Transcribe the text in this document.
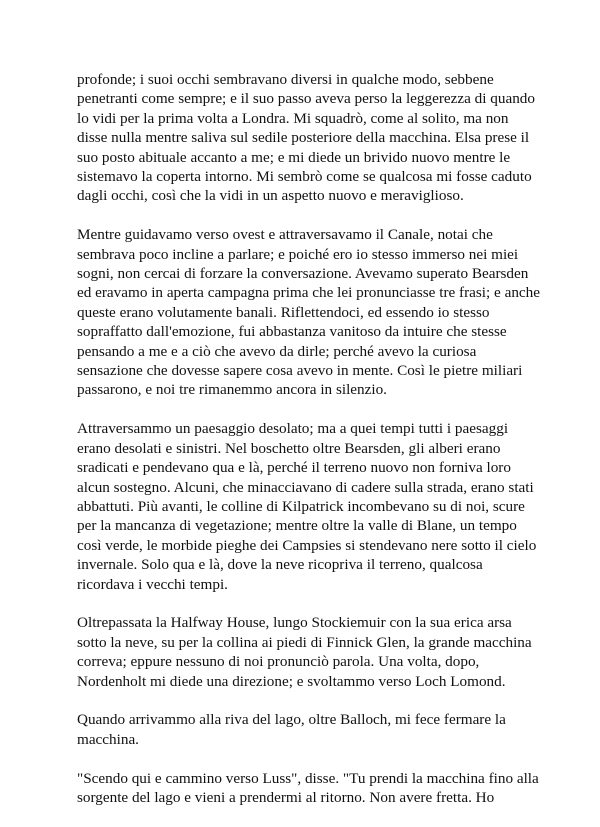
profonde; i suoi occhi sembravano diversi in qualche modo, sebbene
penetranti come sempre; e il suo passo aveva perso la leggerezza di quando
lo vidi per la prima volta a Londra. Mi squadrò, come al solito, ma non
disse nulla mentre saliva sul sedile posteriore della macchina. Elsa prese il
suo posto abituale accanto a me; e mi diede un brivido nuovo mentre le
sistemavo la coperta intorno. Mi sembrò come se qualcosa mi fosse caduto
dagli occhi, così che la vidi in un aspetto nuovo e meraviglioso.

Mentre guidavamo verso ovest e attraversavamo il Canale, notai che
sembrava poco incline a parlare; e poiché ero io stesso immerso nei miei
sogni, non cercai di forzare la conversazione. Avevamo superato Bearsden
ed eravamo in aperta campagna prima che lei pronunciasse tre frasi; e anche
queste erano volutamente banali. Riflettendoci, ed essendo io stesso
sopraffatto dall'emozione, fui abbastanza vanitoso da intuire che stesse
pensando a me e a ciò che avevo da dirle; perché avevo la curiosa
sensazione che dovesse sapere cosa avevo in mente. Così le pietre miliari
passarono, e noi tre rimanemmo ancora in silenzio.

Attraversammo un paesaggio desolato; ma a quei tempi tutti i paesaggi
erano desolati e sinistri. Nel boschetto oltre Bearsden, gli alberi erano
sradicati e pendevano qua e là, perché il terreno nuovo non forniva loro
alcun sostegno. Alcuni, che minacciavano di cadere sulla strada, erano stati
abbattuti. Più avanti, le colline di Kilpatrick incombevano su di noi, scure
per la mancanza di vegetazione; mentre oltre la valle di Blane, un tempo
così verde, le morbide pieghe dei Campsies si stendevano nere sotto il cielo
invernale. Solo qua e là, dove la neve ricopriva il terreno, qualcosa
ricordava i vecchi tempi.

Oltrepassata la Halfway House, lungo Stockiemuir con la sua erica arsa
sotto la neve, su per la collina ai piedi di Finnick Glen, la grande macchina
correva; eppure nessuno di noi pronunciò parola. Una volta, dopo,
Nordenholt mi diede una direzione; e svoltammo verso Loch Lomond.

Quando arrivammo alla riva del lago, oltre Balloch, mi fece fermare la
macchina.

"Scendo qui e cammino verso Luss", disse. "Tu prendi la macchina fino alla
sorgente del lago e vieni a prendermi al ritorno. Non avere fretta. Ho
